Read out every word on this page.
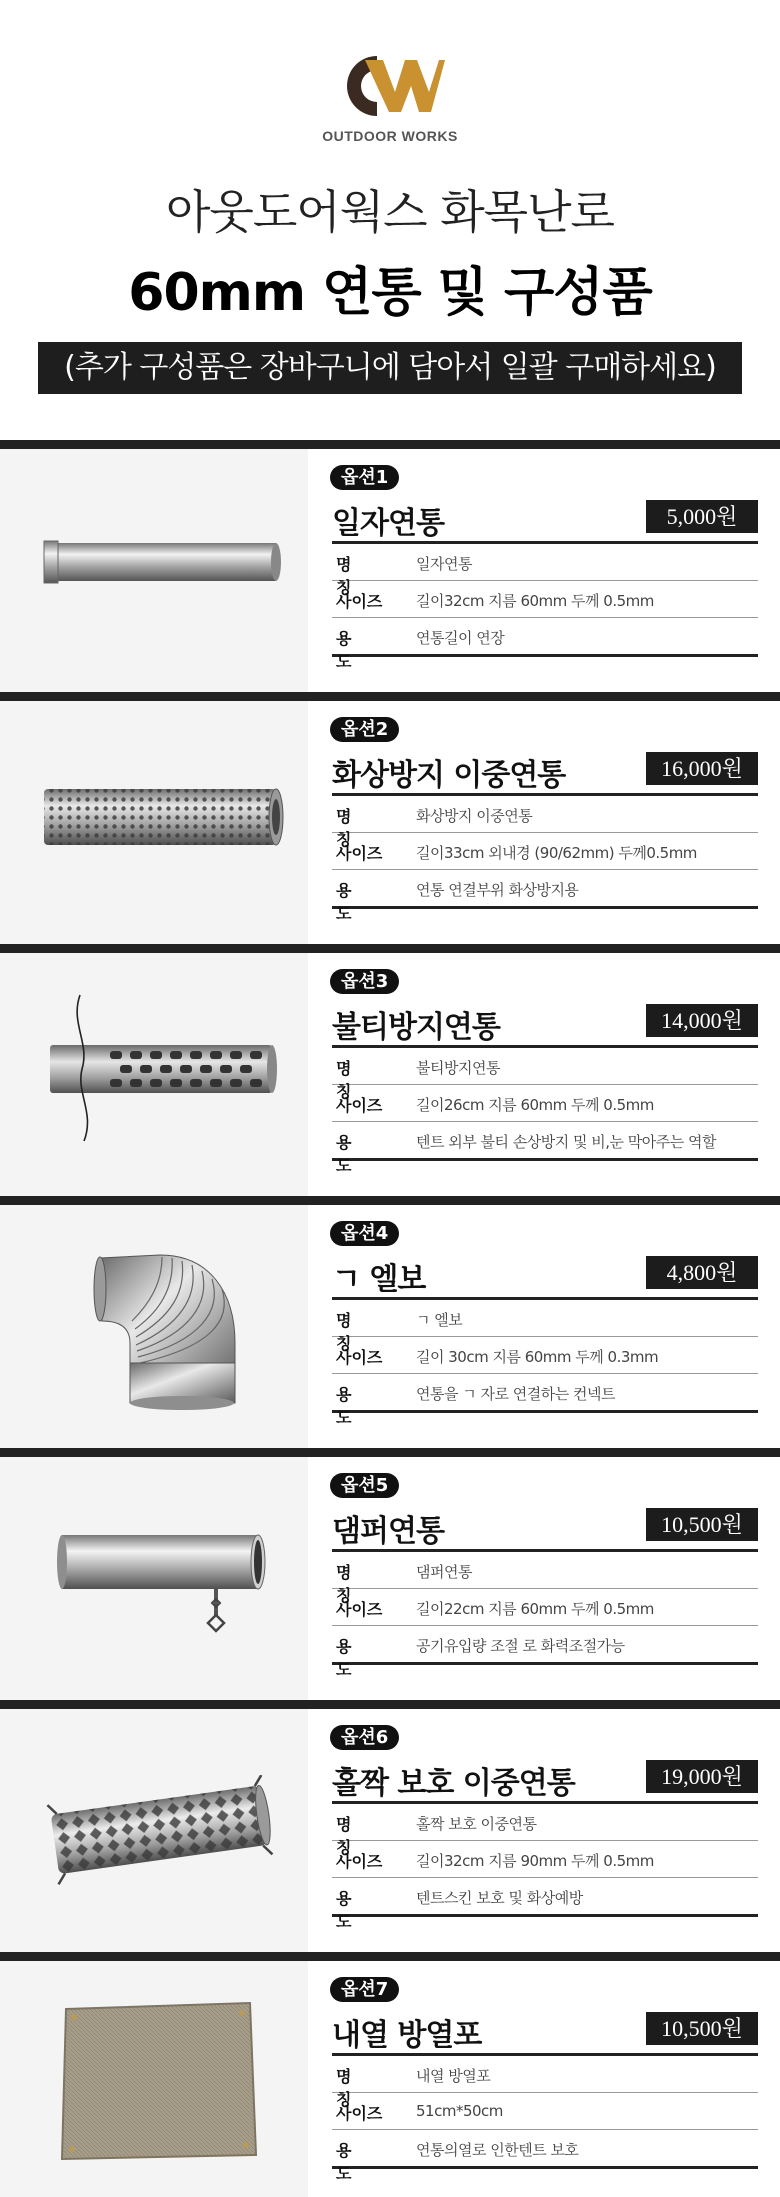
OUTDOOR WORKS
아웃도어웍스 화목난로
60mm 연통 및 구성품
(추가 구성품은 장바구니에 담아서 일괄 구매하세요)
옵션1
일자연통	5,000원
명 칭
일자연통
사이즈	길이32cm 지름 60mm 두께 0.5mm
용 도
연통길이 연장
옵션2
화상방지 이중연통	16,000원
명 칭
화상방지 이중연통
사이즈	길이33cm 외내경 (90/62mm) 두께0.5mm
용 도
연통 연결부위 화상방지용
옵션3
불티방지연통	14,000원
명 칭
불티방지연통
사이즈	길이26cm 지름 60mm 두께 0.5mm
용 도
텐트 외부 불티 손상방지 및 비,눈 막아주는 역할
옵션4
ㄱ 엘보	4,800원
명 칭
ㄱ 엘보
사이즈	길이 30cm 지름 60mm 두께 0.3mm
용 도
연통을 ㄱ 자로 연결하는 컨넥트
옵션5
댐퍼연통	10,500원
명 칭
댐퍼연통
사이즈	길이22cm 지름 60mm 두께 0.5mm
용 도
공기유입량 조절 로 화력조절가능
옵션6
홀짝 보호 이중연통	19,000원
명 칭
홀짝 보호 이중연통
사이즈	길이32cm 지름 90mm 두께 0.5mm
용 도
텐트스킨 보호 및 화상예방
옵션7
내열 방열포	10,500원
명 칭
내열 방열포
사이즈	51cm*50cm
용 도
연통의열로 인한텐트 보호
